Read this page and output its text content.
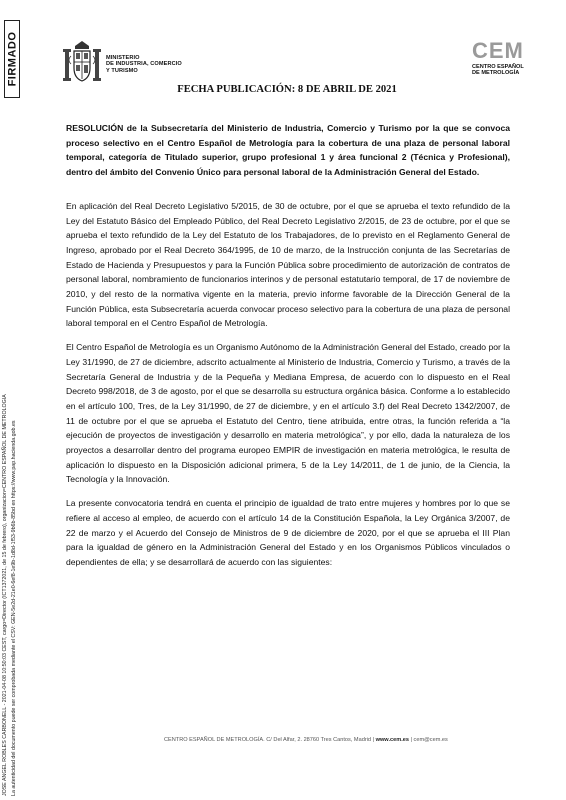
FIRMADO
JOSE ANGEL ROBLES CARBONELL - 2021-04-08 10:50:03 CEST, cargo=Director (ICT1372021, de 15 de febrero), organizacion=CENTRO ESPAÑOL DE METROLOGIA La autenticidad del documento puede ser comprobada mediante el CSV: GEN-5e2d-21e0-6ef8-1e9b-1d8d-1f53-9b6b-85bd en https://www.pap.hacienda.gob.es
MINISTERIO
DE INDUSTRIA, COMERCIO
Y TURISMO
CEM
CENTRO ESPAÑOL
DE METROLOGÍA
FECHA PUBLICACIÓN: 8 DE ABRIL DE 2021

RESOLUCIÓN de la Subsecretaría del Ministerio de Industria, Comercio y Turismo por la que se convoca proceso selectivo en el Centro Español de Metrología para la cobertura de una plaza de personal laboral temporal, categoría de Titulado superior, grupo profesional 1 y área funcional 2 (Técnica y Profesional), dentro del ámbito del Convenio Único para personal laboral de la Administración General del Estado.

En aplicación del Real Decreto Legislativo 5/2015, de 30 de octubre, por el que se aprueba el texto refundido de la Ley del Estatuto Básico del Empleado Público, del Real Decreto Legislativo 2/2015, de 23 de octubre, por el que se aprueba el texto refundido de la Ley del Estatuto de los Trabajadores, de lo previsto en el Reglamento General de Ingreso, aprobado por el Real Decreto 364/1995, de 10 de marzo, de la Instrucción conjunta de las Secretarías de Estado de Hacienda y Presupuestos y para la Función Pública sobre procedimiento de autorización de contratos de personal laboral, nombramiento de funcionarios interinos y de personal estatutario temporal, de 17 de noviembre de 2010, y del resto de la normativa vigente en la materia, previo informe favorable de la Dirección General de la Función Pública, esta Subsecretaría acuerda convocar proceso selectivo para la cobertura de una plaza de personal laboral temporal en el Centro Español de Metrología.

El Centro Español de Metrología es un Organismo Autónomo de la Administración General del Estado, creado por la Ley 31/1990, de 27 de diciembre, adscrito actualmente al Ministerio de Industria, Comercio y Turismo, a través de la Secretaría General de Industria y de la Pequeña y Mediana Empresa, de acuerdo con lo dispuesto en el Real Decreto 998/2018, de 3 de agosto, por el que se desarrolla su estructura orgánica básica. Conforme a lo establecido en el artículo 100, Tres, de la Ley 31/1990, de 27 de diciembre, y en el artículo 3.f) del Real Decreto 1342/2007, de 11 de octubre por el que se aprueba el Estatuto del Centro, tiene atribuida, entre otras, la función referida a “la ejecución de proyectos de investigación y desarrollo en materia metrológica”, y por ello, dada la naturaleza de los proyectos a desarrollar dentro del programa europeo EMPIR de investigación en materia metrológica, le resulta de aplicación lo dispuesto en la Disposición adicional primera, 5 de la Ley 14/2011, de 1 de junio, de la Ciencia, la Tecnología y la Innovación.

La presente convocatoria tendrá en cuenta el principio de igualdad de trato entre mujeres y hombres por lo que se refiere al acceso al empleo, de acuerdo con el artículo 14 de la Constitución Española, la Ley Orgánica 3/2007, de 22 de marzo y el Acuerdo del Consejo de Ministros de 9 de diciembre de 2020, por el que se aprueba el III Plan para la igualdad de género en la Administración General del Estado y en los Organismos Públicos vinculados o dependientes de ella; y se desarrollará de acuerdo con las siguientes:

CENTRO ESPAÑOL DE METROLOGÍA. C/ Del Alfar, 2. 28760 Tres Cantos, Madrid | www.cem.es | cem@cem.es
